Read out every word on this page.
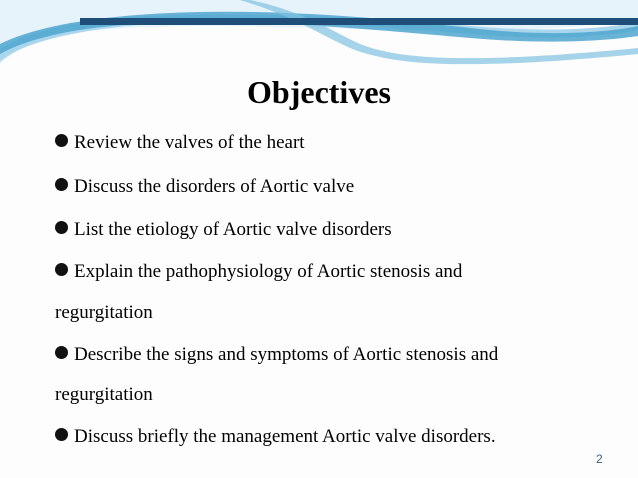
Objectives
Review the valves of the heart
Discuss the disorders of Aortic valve
List the etiology of Aortic valve disorders
Explain the pathophysiology of Aortic stenosis and
regurgitation
Describe the signs and symptoms of Aortic stenosis and
regurgitation
Discuss briefly the management Aortic valve disorders.
2
